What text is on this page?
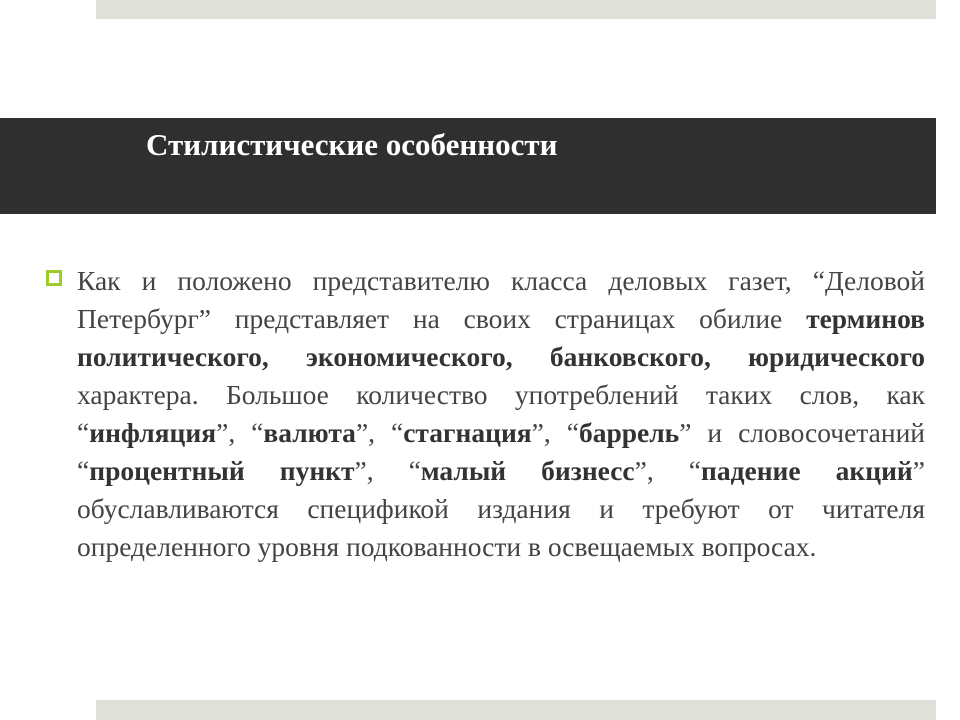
Стилистические особенности
Как и положено представителю класса деловых газет, “Деловой Петербург” представляет на своих страницах обилие терминов политического, экономического, банковского, юридического характера. Большое количество употреблений таких слов, как “инфляция”, “валюта”, “стагнация”, “баррель” и словосочетаний “процентный пункт”, “малый бизнесс”, “падение акций” обуславливаются спецификой издания и требуют от читателя определенного уровня подкованности в освещаемых вопросах.
